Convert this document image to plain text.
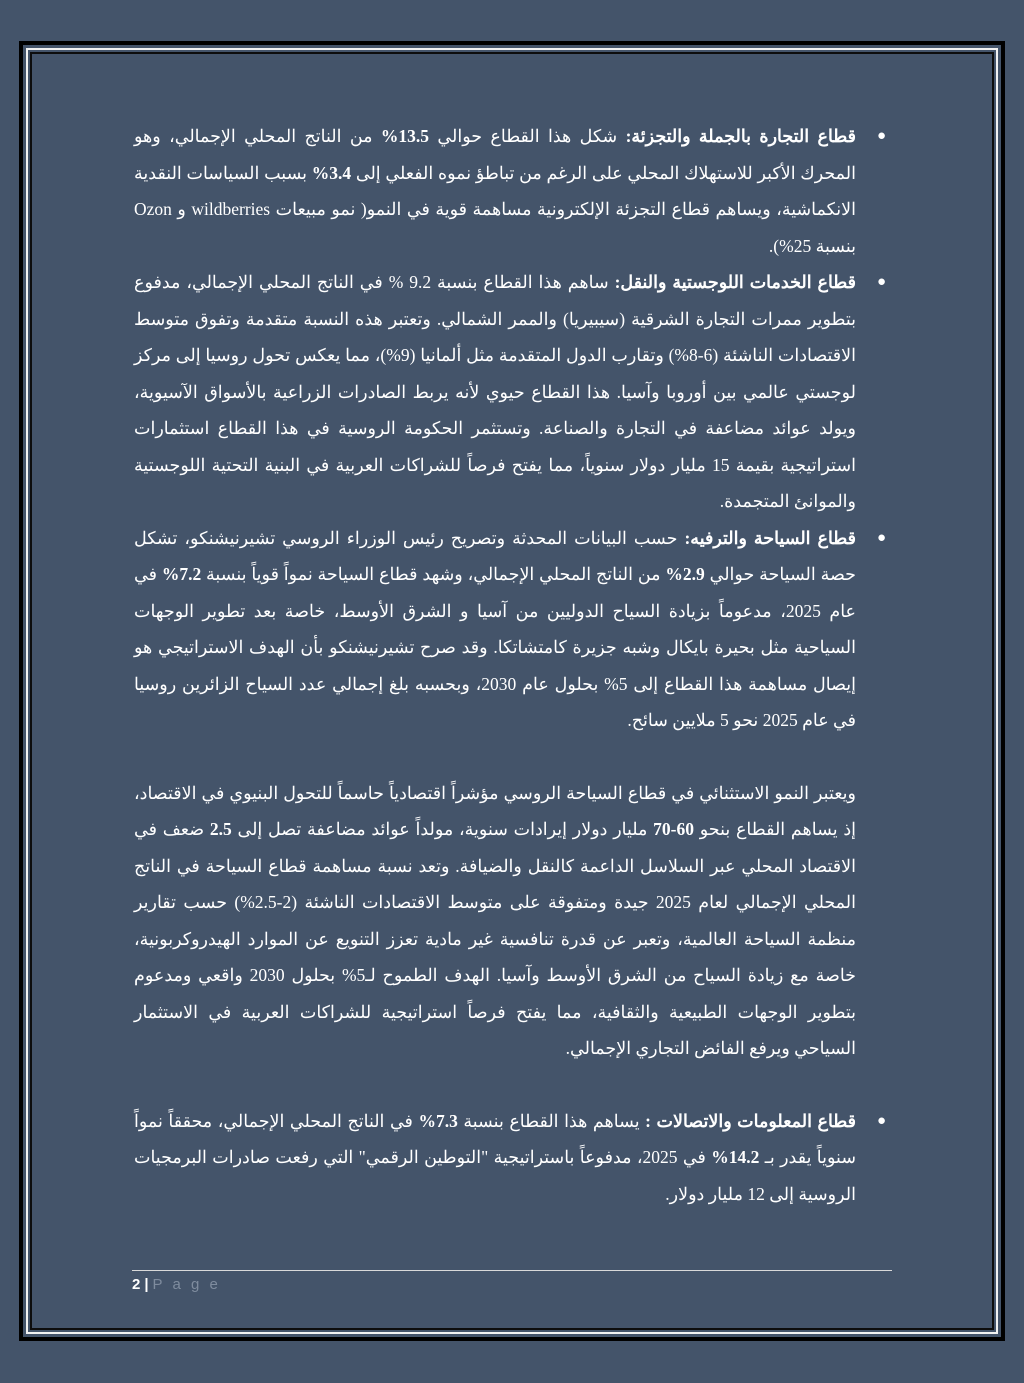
●

قطاع التجارة بالجملة والتجزئة: شكل هذا القطاع حوالي 13.5% من الناتج المحلي الإجمالي، وهو المحرك الأكبر للاستهلاك المحلي على الرغم من تباطؤ نموه الفعلي إلى 3.4% بسبب السياسات النقدية الانكماشية، ويساهم قطاع التجزئة الإلكترونية مساهمة قوية في النمو( نمو مبيعات wildberries و Ozon بنسبة 25%).

●

قطاع الخدمات اللوجستية والنقل: ساهم هذا القطاع بنسبة 9.2 % في الناتج المحلي الإجمالي، مدفوع بتطوير ممرات التجارة الشرقية (سيبيريا) والممر الشمالي. وتعتبر هذه النسبة متقدمة وتفوق متوسط الاقتصادات الناشئة (6-8%) وتقارب الدول المتقدمة مثل ألمانيا (9%)، مما يعكس تحول روسيا إلى مركز لوجستي عالمي بين أوروبا وآسيا. هذا القطاع حيوي لأنه يربط الصادرات الزراعية بالأسواق الآسيوية، ويولد عوائد مضاعفة في التجارة والصناعة. وتستثمر الحكومة الروسية في هذا القطاع استثمارات استراتيجية بقيمة 15 مليار دولار سنوياً، مما يفتح فرصاً للشراكات العربية في البنية التحتية اللوجستية والموانئ المتجمدة.

●

قطاع السياحة والترفيه: حسب البيانات المحدثة وتصريح رئيس الوزراء الروسي تشيرنيشنكو، تشكل حصة السياحة حوالي 2.9% من الناتج المحلي الإجمالي، وشهد قطاع السياحة نمواً قوياً بنسبة 7.2% في عام 2025، مدعوماً بزيادة السياح الدوليين من آسيا و الشرق الأوسط، خاصة بعد تطوير الوجهات السياحية مثل بحيرة بايكال وشبه جزيرة كامتشاتكا. وقد صرح تشيرنيشنكو بأن الهدف الاستراتيجي هو إيصال مساهمة هذا القطاع إلى 5% بحلول عام 2030، وبحسبه بلغ إجمالي عدد السياح الزائرين روسيا في عام 2025 نحو 5 ملايين سائح.

ويعتبر النمو الاستثنائي في قطاع السياحة الروسي مؤشراً اقتصادياً حاسماً للتحول البنيوي في الاقتصاد، إذ يساهم القطاع بنحو 60-70 مليار دولار إيرادات سنوية، مولداً عوائد مضاعفة تصل إلى 2.5 ضعف في الاقتصاد المحلي عبر السلاسل الداعمة كالنقل والضيافة. وتعد نسبة مساهمة قطاع السياحة في الناتج المحلي الإجمالي لعام 2025 جيدة ومتفوقة على متوسط الاقتصادات الناشئة (2-2.5%) حسب تقارير منظمة السياحة العالمية، وتعبر عن قدرة تنافسية غير مادية تعزز التنويع عن الموارد الهيدروكربونية، خاصة مع زيادة السياح من الشرق الأوسط وآسيا. الهدف الطموح لـ5% بحلول 2030 واقعي ومدعوم بتطوير الوجهات الطبيعية والثقافية، مما يفتح فرصاً استراتيجية للشراكات العربية في الاستثمار السياحي ويرفع الفائض التجاري الإجمالي.

●

قطاع المعلومات والاتصالات : يساهم هذا القطاع بنسبة 7.3% في الناتج المحلي الإجمالي، محققاً نمواً سنوياً يقدر بـ 14.2% في 2025، مدفوعاً باستراتيجية "التوطين الرقمي" التي رفعت صادرات البرمجيات الروسية إلى 12 مليار دولار.

2 | P a g e
